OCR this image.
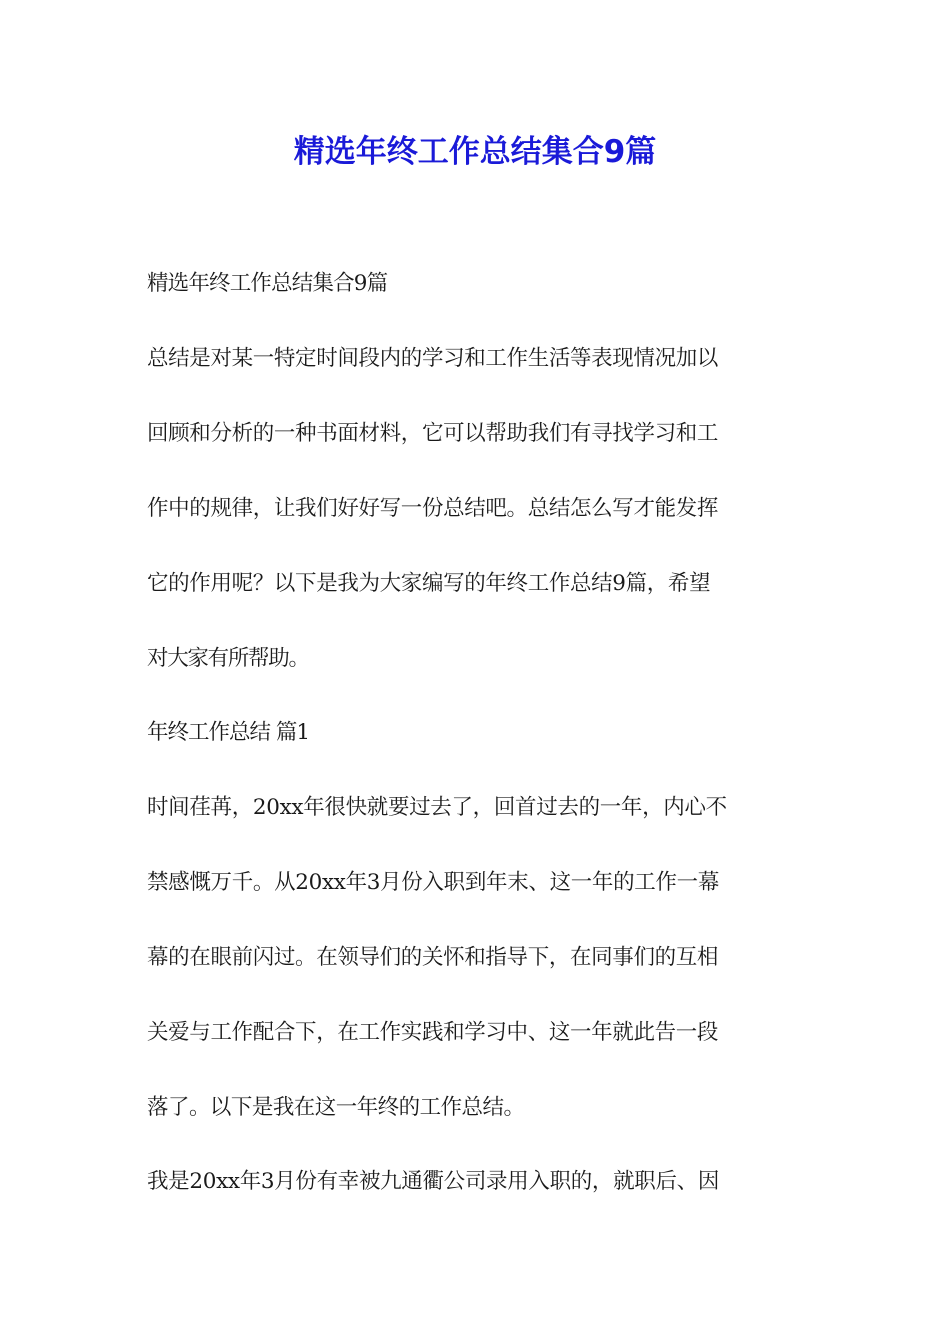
精选年终工作总结集合9篇

精选年终工作总结集合9篇

总结是对某一特定时间段内的学习和工作生活等表现情况加以

回顾和分析的一种书面材料，它可以帮助我们有寻找学习和工

作中的规律，让我们好好写一份总结吧。总结怎么写才能发挥

它的作用呢？以下是我为大家编写的年终工作总结9篇，希望

对大家有所帮助。

年终工作总结 篇1

时间荏苒，20xx年很快就要过去了，回首过去的一年，内心不

禁感慨万千。从20xx年3月份入职到年末、这一年的工作一幕

幕的在眼前闪过。在领导们的关怀和指导下，在同事们的互相

关爱与工作配合下，在工作实践和学习中、这一年就此告一段

落了。以下是我在这一年终的工作总结。

我是20xx年3月份有幸被九通衢公司录用入职的，就职后、因
